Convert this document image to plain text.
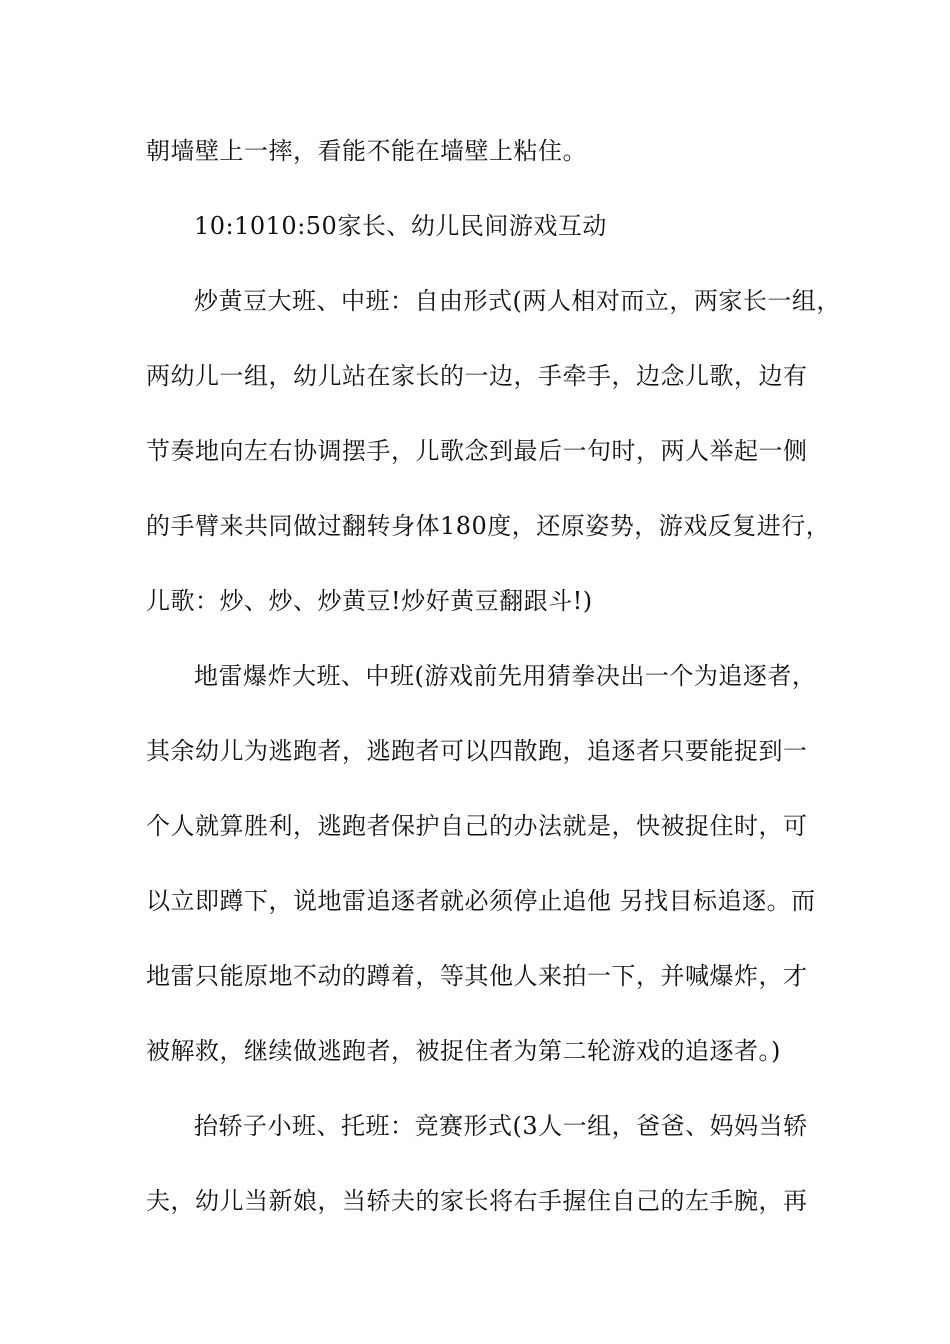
朝墙壁上一摔，看能不能在墙壁上粘住。
10:1010:50家长、幼儿民间游戏互动
炒黄豆大班、中班：自由形式(两人相对而立，两家长一组，
两幼儿一组，幼儿站在家长的一边，手牵手，边念儿歌，边有
节奏地向左右协调摆手，儿歌念到最后一句时，两人举起一侧
的手臂来共同做过翻转身体180度，还原姿势，游戏反复进行，
儿歌：炒、炒、炒黄豆!炒好黄豆翻跟斗!)
地雷爆炸大班、中班(游戏前先用猜拳决出一个为追逐者，
其余幼儿为逃跑者，逃跑者可以四散跑，追逐者只要能捉到一
个人就算胜利，逃跑者保护自己的办法就是，快被捉住时，可
以立即蹲下，说地雷追逐者就必须停止追他 另找目标追逐。而
地雷只能原地不动的蹲着，等其他人来拍一下，并喊爆炸，才
被解救，继续做逃跑者，被捉住者为第二轮游戏的追逐者。)
抬轿子小班、托班：竞赛形式(3人一组，爸爸、妈妈当轿
夫，幼儿当新娘，当轿夫的家长将右手握住自己的左手腕，再
